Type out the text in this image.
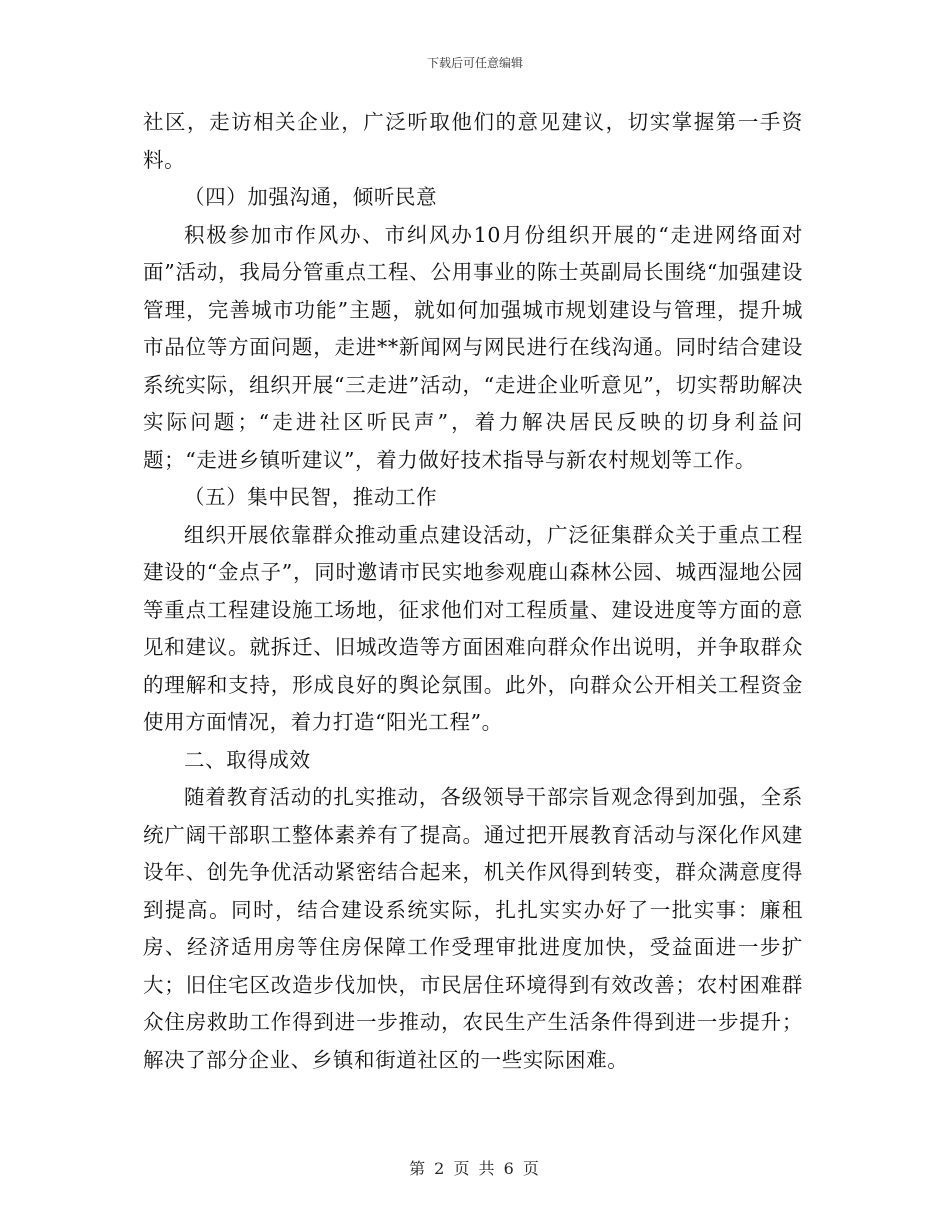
下载后可任意编辑

社区，走访相关企业，广泛听取他们的意见建议，切实掌握第一手资料。

（四）加强沟通，倾听民意

积极参加市作风办、市纠风办10月份组织开展的“走进网络面对面”活动，我局分管重点工程、公用事业的陈士英副局长围绕“加强建设管理，完善城市功能”主题，就如何加强城市规划建设与管理，提升城市品位等方面问题，走进**新闻网与网民进行在线沟通。同时结合建设系统实际，组织开展“三走进”活动，“走进企业听意见”，切实帮助解决实际问题；“走进社区听民声”，着力解决居民反映的切身利益问题；“走进乡镇听建议”，着力做好技术指导与新农村规划等工作。

（五）集中民智，推动工作

组织开展依靠群众推动重点建设活动，广泛征集群众关于重点工程建设的“金点子”，同时邀请市民实地参观鹿山森林公园、城西湿地公园等重点工程建设施工场地，征求他们对工程质量、建设进度等方面的意见和建议。就拆迁、旧城改造等方面困难向群众作出说明，并争取群众的理解和支持，形成良好的舆论氛围。此外，向群众公开相关工程资金使用方面情况，着力打造“阳光工程”。

二、取得成效

随着教育活动的扎实推动，各级领导干部宗旨观念得到加强，全系统广阔干部职工整体素养有了提高。通过把开展教育活动与深化作风建设年、创先争优活动紧密结合起来，机关作风得到转变，群众满意度得到提高。同时，结合建设系统实际，扎扎实实办好了一批实事：廉租房、经济适用房等住房保障工作受理审批进度加快，受益面进一步扩大；旧住宅区改造步伐加快，市民居住环境得到有效改善；农村困难群众住房救助工作得到进一步推动，农民生产生活条件得到进一步提升；解决了部分企业、乡镇和街道社区的一些实际困难。

第 2 页 共 6 页
